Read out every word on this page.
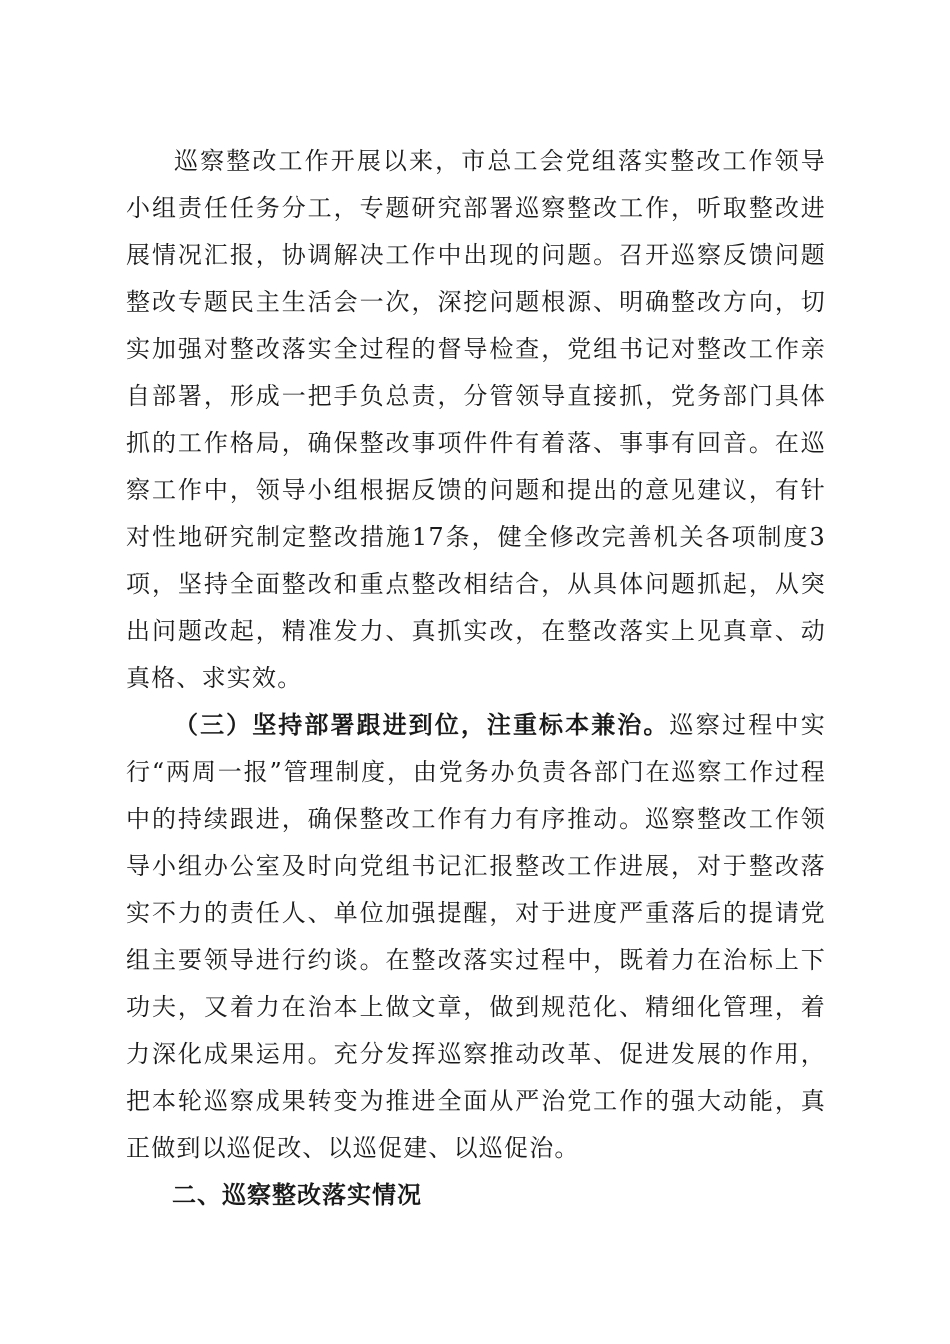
巡察整改工作开展以来，市总工会党组落实整改工作领导小组责任任务分工，专题研究部署巡察整改工作，听取整改进展情况汇报，协调解决工作中出现的问题。召开巡察反馈问题整改专题民主生活会一次，深挖问题根源、明确整改方向，切实加强对整改落实全过程的督导检查，党组书记对整改工作亲自部署，形成一把手负总责，分管领导直接抓，党务部门具体抓的工作格局，确保整改事项件件有着落、事事有回音。在巡察工作中，领导小组根据反馈的问题和提出的意见建议，有针对性地研究制定整改措施17条，健全修改完善机关各项制度3项，坚持全面整改和重点整改相结合，从具体问题抓起，从突出问题改起，精准发力、真抓实改，在整改落实上见真章、动真格、求实效。

（三）坚持部署跟进到位，注重标本兼治。巡察过程中实行“两周一报”管理制度，由党务办负责各部门在巡察工作过程中的持续跟进，确保整改工作有力有序推动。巡察整改工作领导小组办公室及时向党组书记汇报整改工作进展，对于整改落实不力的责任人、单位加强提醒，对于进度严重落后的提请党组主要领导进行约谈。在整改落实过程中，既着力在治标上下功夫，又着力在治本上做文章，做到规范化、精细化管理，着力深化成果运用。充分发挥巡察推动改革、促进发展的作用，把本轮巡察成果转变为推进全面从严治党工作的强大动能，真正做到以巡促改、以巡促建、以巡促治。

二、巡察整改落实情况
